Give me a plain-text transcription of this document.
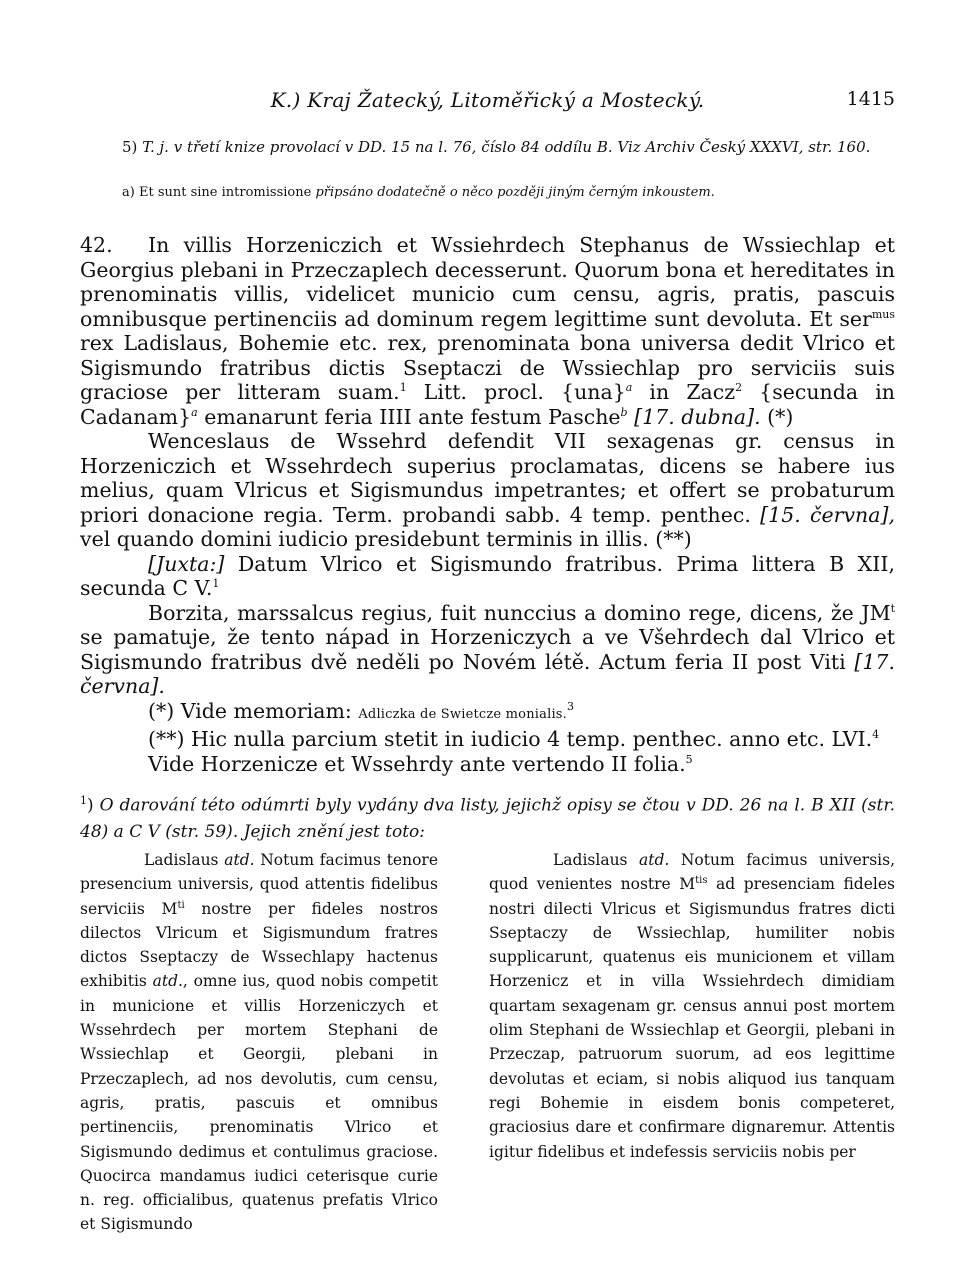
K.) Kraj Žatecký, Litoměřický a Mostecký.	1415
5) T. j. v třetí knize provolací v DD. 15 na l. 76, číslo 84 oddílu B. Viz Archiv Český XXXVI, str. 160.
a) Et sunt sine intromissione připsáno dodatečně o něco později jiným černým inkoustem.

42. In villis Horzeniczich et Wssiehrdech Stephanus de Wssiechlap et Georgius plebani in Przeczaplech decesserunt. Quorum bona et hereditates in prenominatis villis, videlicet municio cum censu, agris, pratis, pascuis omnibusque pertinenciis ad dominum regem legittime sunt devoluta. Et ser$^{mus}$ rex Ladislaus, Bohemie etc. rex, prenominata bona universa dedit Vlrico et Sigismundo fratribus dictis Sseptaczi de Wssiechlap pro serviciis suis graciose per litteram suam.$^1$ Litt. procl. {una}$^a$ in Zacz$^2$ {secunda in Cadanam}$^a$ emanarunt feria IIII ante festum Pasche$^b$ [17. dubna]. (*)

Wenceslaus de Wssehrd defendit VII sexagenas gr. census in Horzeniczich et Wssehrdech superius proclamatas, dicens se habere ius melius, quam Vlricus et Sigismundus impetrantes; et offert se probaturum priori donacione regia. Term. probandi sabb. 4 temp. penthec. [15. června], vel quando domini iudicio presidebunt terminis in illis. (**)

[Juxta:] Datum Vlrico et Sigismundo fratribus. Prima littera B XII, secunda C V.$^1$

Borzita, marssalcus regius, fuit nunccius a domino rege, dicens, že $JM^t$ se pamatuje, že tento nápad in Horzeniczych a ve Všehrdech dal Vlrico et Sigismundo fratribus dvě neděli po Novém létě. Actum feria II post Viti [17. června].

(*) Vide memoriam: Adliczka de Swietcze monialis.$^3$

(**) Hic nulla parcium stetit in iudicio 4 temp. penthec. anno etc. LVI.$^4$

Vide Horzenicze et Wssehrdy ante vertendo II folia.$^5$

$^1$) O darování této odúmrti byly vydány dva listy, jejichž opisy se čtou v DD. 26 na l. B XII (str. 48) a C V (str. 59). Jejich znění jest toto:

Ladislaus atd. Notum facimus tenore presencium universis, quod attentis fidelibus serviciis $M^{ti}$ nostre per fideles nostros dilectos Vlricum et Sigismundum fratres dictos Sseptaczy de Wssechlapy hactenus exhibitis atd., omne ius, quod nobis competit in municione et villis Horzeniczych et Wssehrdech per mortem Stephani de Wssiechlap et Georgii, plebani in Przeczaplech, ad nos devolutis, cum censu, agris, pratis, pascuis et omnibus pertinenciis, prenominatis Vlrico et Sigismundo dedimus et contulimus graciose. Quocirca mandamus iudici ceterisque curie n. reg. officialibus, quatenus prefatis Vlrico et Sigismundo

Ladislaus atd. Notum facimus universis, quod venientes nostre $M^{tis}$ ad presenciam fideles nostri dilecti Vlricus et Sigismundus fratres dicti Sseptaczy de Wssiechlap, humiliter nobis supplicarunt, quatenus eis municionem et villam Horzenicz et in villa Wssiehrdech dimidiam quartam sexagenam gr. census annui post mortem olim Stephani de Wssiechlap et Georgii, plebani in Przeczap, patruorum suorum, ad eos legittime devolutas et eciam, si nobis aliquod ius tanquam regi Bohemie in eisdem bonis competeret, graciosius dare et confirmare dignaremur. Attentis igitur fidelibus et indefessis serviciis nobis per
